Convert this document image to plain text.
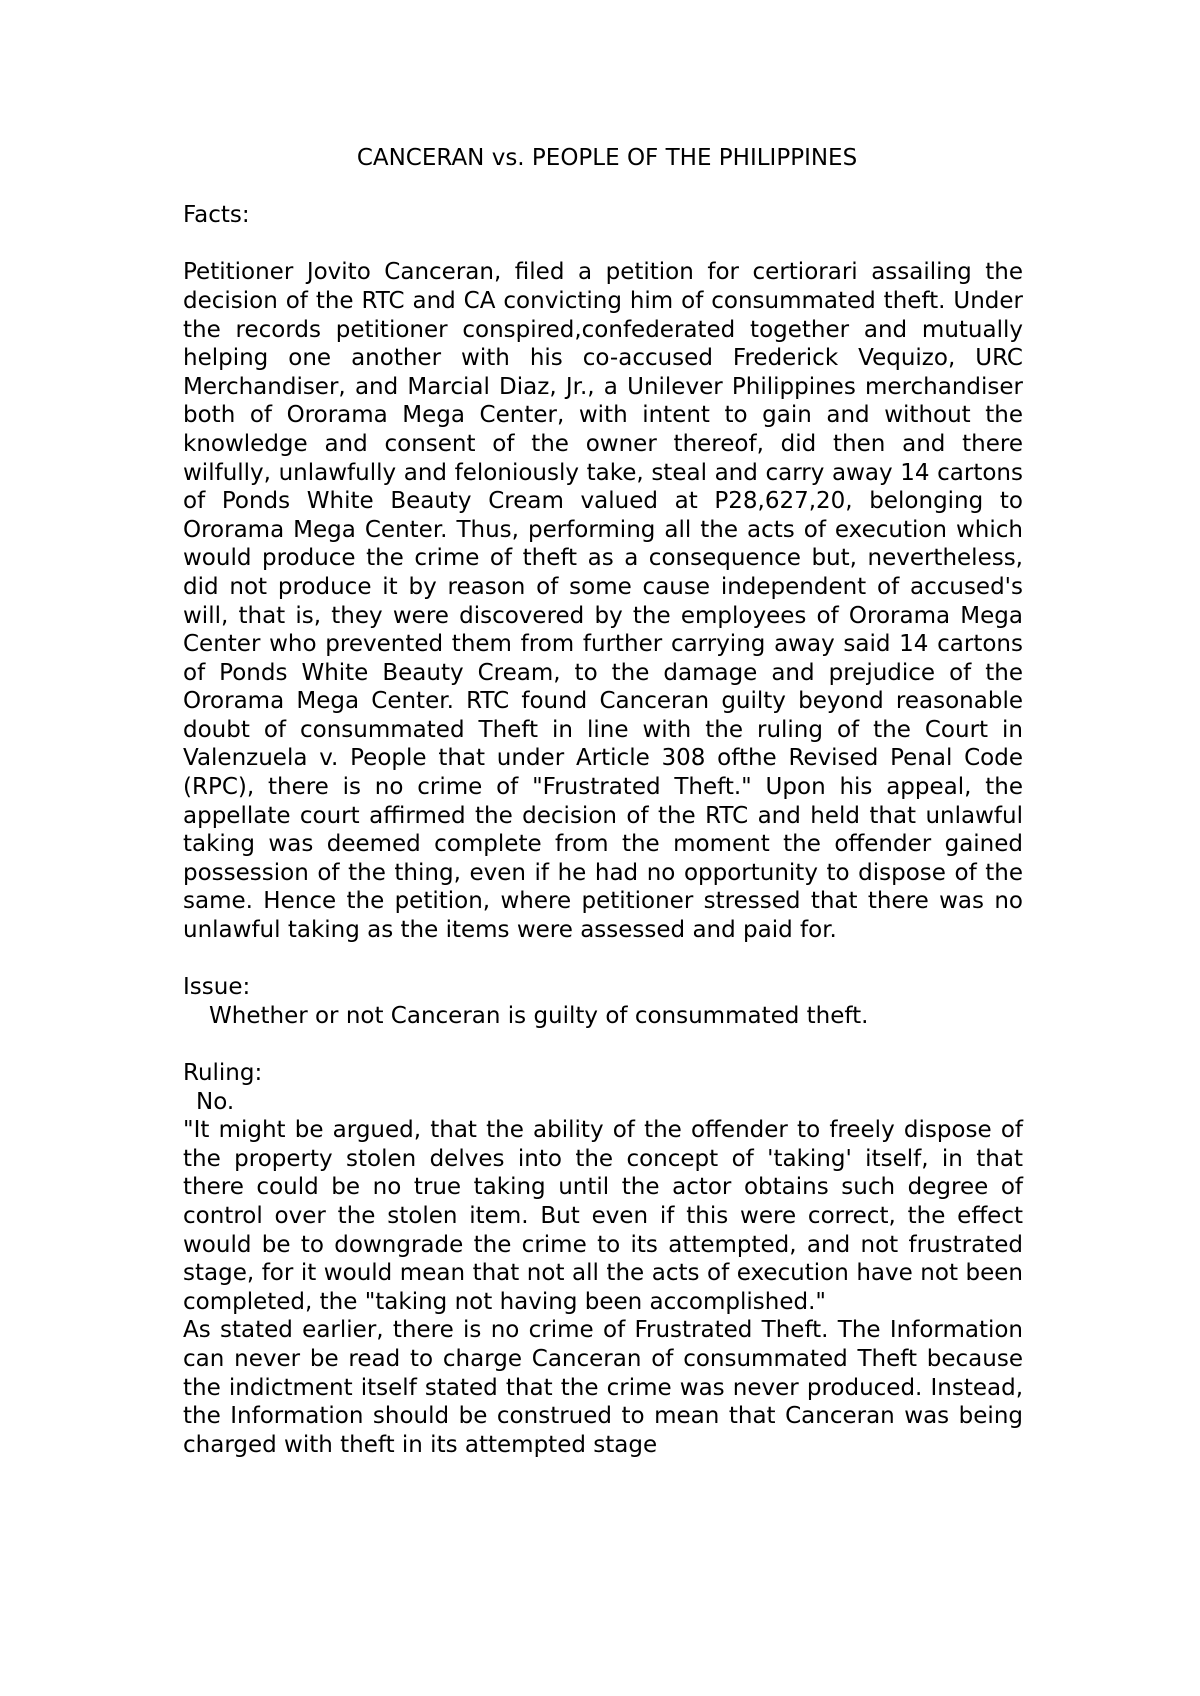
CANCERAN vs. PEOPLE OF THE PHILIPPINES

Facts:

Petitioner Jovito Canceran, filed a petition for certiorari assailing the decision of the RTC and CA convicting him of consummated theft. Under the records petitioner conspired,confederated together and mutually helping one another with his co-accused Frederick Vequizo, URC Merchandiser, and Marcial Diaz, Jr., a Unilever Philippines merchandiser both of Ororama Mega Center, with intent to gain and without the knowledge and consent of the owner thereof, did then and there wilfully, unlawfully and feloniously take, steal and carry away 14 cartons of Ponds White Beauty Cream valued at P28,627,20, belonging to Ororama Mega Center. Thus, performing all the acts of execution which would produce the crime of theft as a consequence but, nevertheless, did not produce it by reason of some cause independent of accused's will, that is, they were discovered by the employees of Ororama Mega Center who prevented them from further carrying away said 14 cartons of Ponds White Beauty Cream, to the damage and prejudice of the Ororama Mega Center. RTC found Canceran guilty beyond reasonable doubt of consummated Theft in line with the ruling of the Court in Valenzuela v. People that under Article 308 ofthe Revised Penal Code (RPC), there is no crime of "Frustrated Theft." Upon his appeal, the appellate court affirmed the decision of the RTC and held that unlawful taking was deemed complete from the moment the offender gained possession of the thing, even if he had no opportunity to dispose of the same. Hence the petition, where petitioner stressed that there was no unlawful taking as the items were assessed and paid for.

Issue:

Whether or not Canceran is guilty of consummated theft.

Ruling:

No.

"It might be argued, that the ability of the offender to freely dispose of the property stolen delves into the concept of 'taking' itself, in that there could be no true taking until the actor obtains such degree of control over the stolen item. But even if this were correct, the effect would be to downgrade the crime to its attempted, and not frustrated stage, for it would mean that not all the acts of execution have not been completed, the "taking not having been accomplished."

As stated earlier, there is no crime of Frustrated Theft. The Information can never be read to charge Canceran of consummated Theft because the indictment itself stated that the crime was never produced. Instead, the Information should be construed to mean that Canceran was being charged with theft in its attempted stage
